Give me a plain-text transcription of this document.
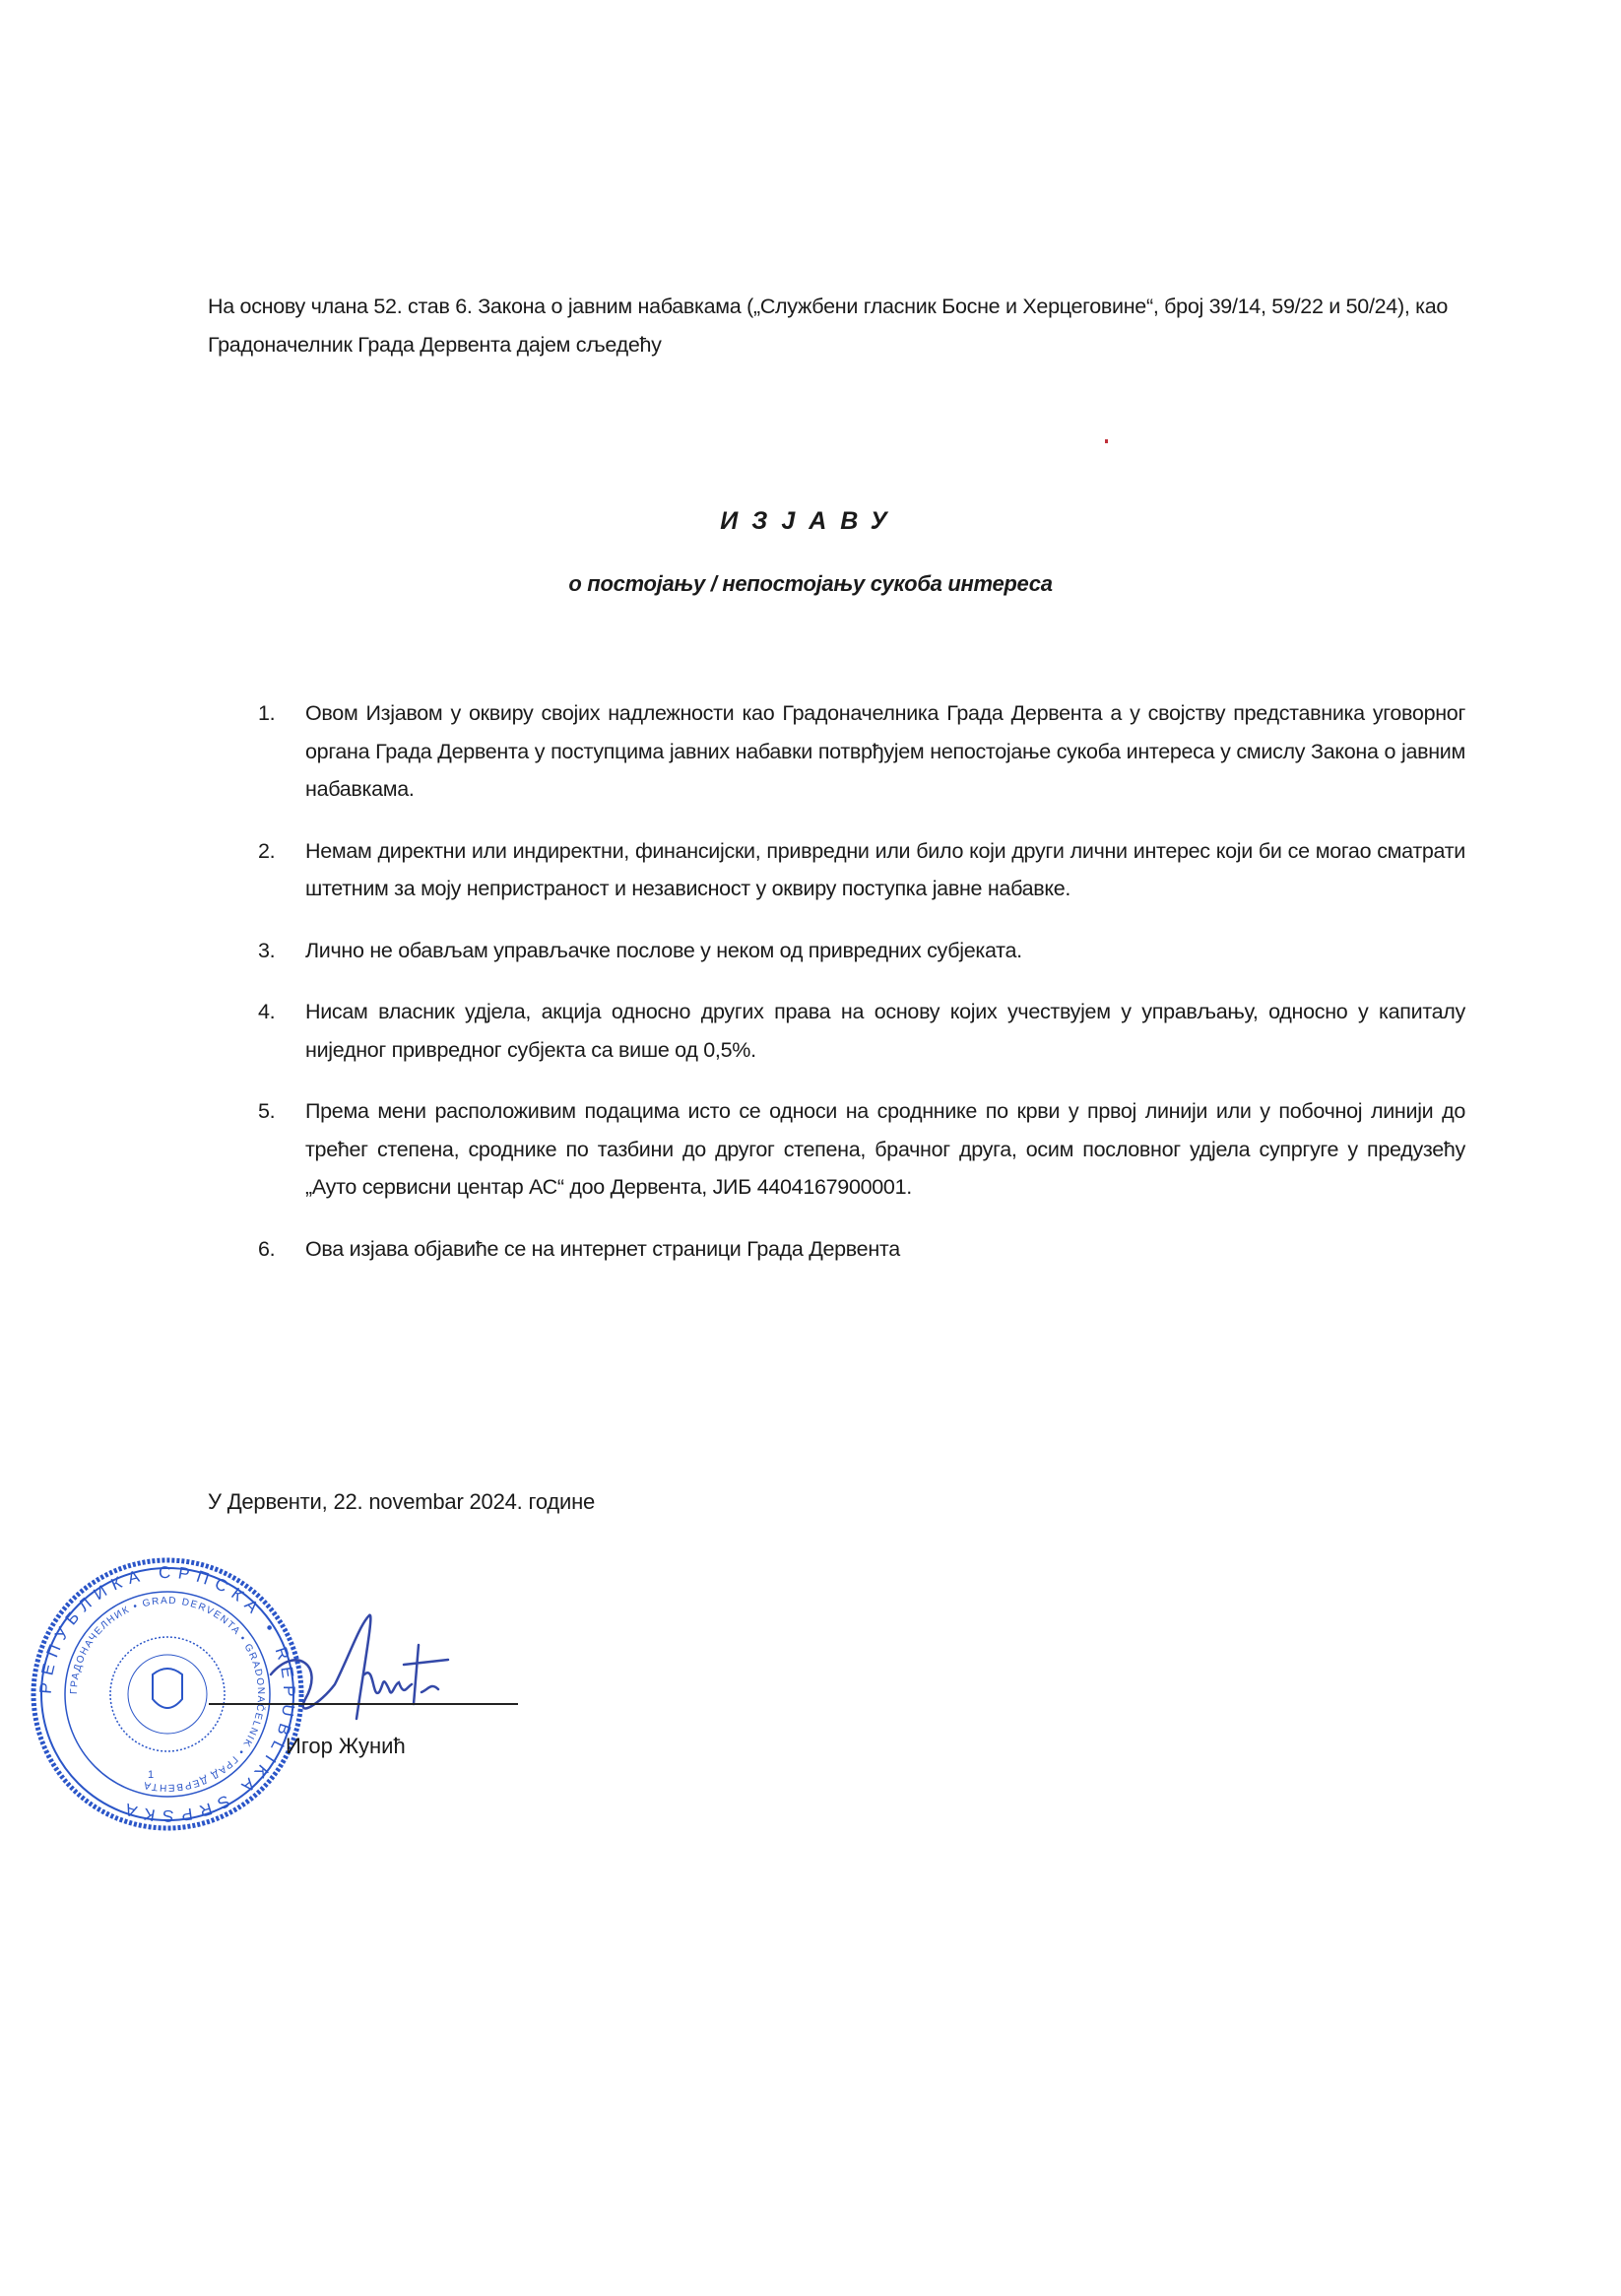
На основу члана 52. став 6. Закона о јавним набавкама („Службени гласник Босне и Херцеговине“, број 39/14, 59/22 и 50/24), као Градоначелник Града Дервента дајем сљедећу

ИЗЈАВУ
о постојању / непостојању сукоба интереса
1.	Овом Изјавом у оквиру својих надлежности као Градоначелника Града Дервента а у својству представника уговорног органа Града Дервента у поступцима јавних набавки потврђујем непостојање сукоба интереса у смислу Закона о јавним набавкама.
2.	Немам директни или индиректни, финансијски, привредни или било који други лични интерес који би се могао сматрати штетним за моју непристраност и независност у оквиру поступка јавне набавке.
3.	Лично не обављам управљачке послове у неком од привредних субјеката.
4.	Нисам власник удјела, акција односно других права на основу којих учествујем у управљању, односно у капиталу ниједног привредног субјекта са више од 0,5%.
5.	Према мени расположивим подацима исто се односи на сродннике по крви у првој линији или у побочној линији до трећег степена, сроднике по тазбини до другог степена, брачног друга, осим пословног удјела супргуге у предузећу „Ауто сервисни центар АС“ доо Дервента, ЈИБ 4404167900001.
6.	Ова изјава објавиће се на интернет страници Града Дервента
У Дервенти, 22. novembar 2024. године
РЕПУБЛИКА СРПСКА • REPUBLIKA SRPSKA
ГРАДОНАЧЕЛНИК • GRAD DERVENTA • GRADONAČELNIK • ГРАД ДЕРВЕНТА
1
Игор Жунић
